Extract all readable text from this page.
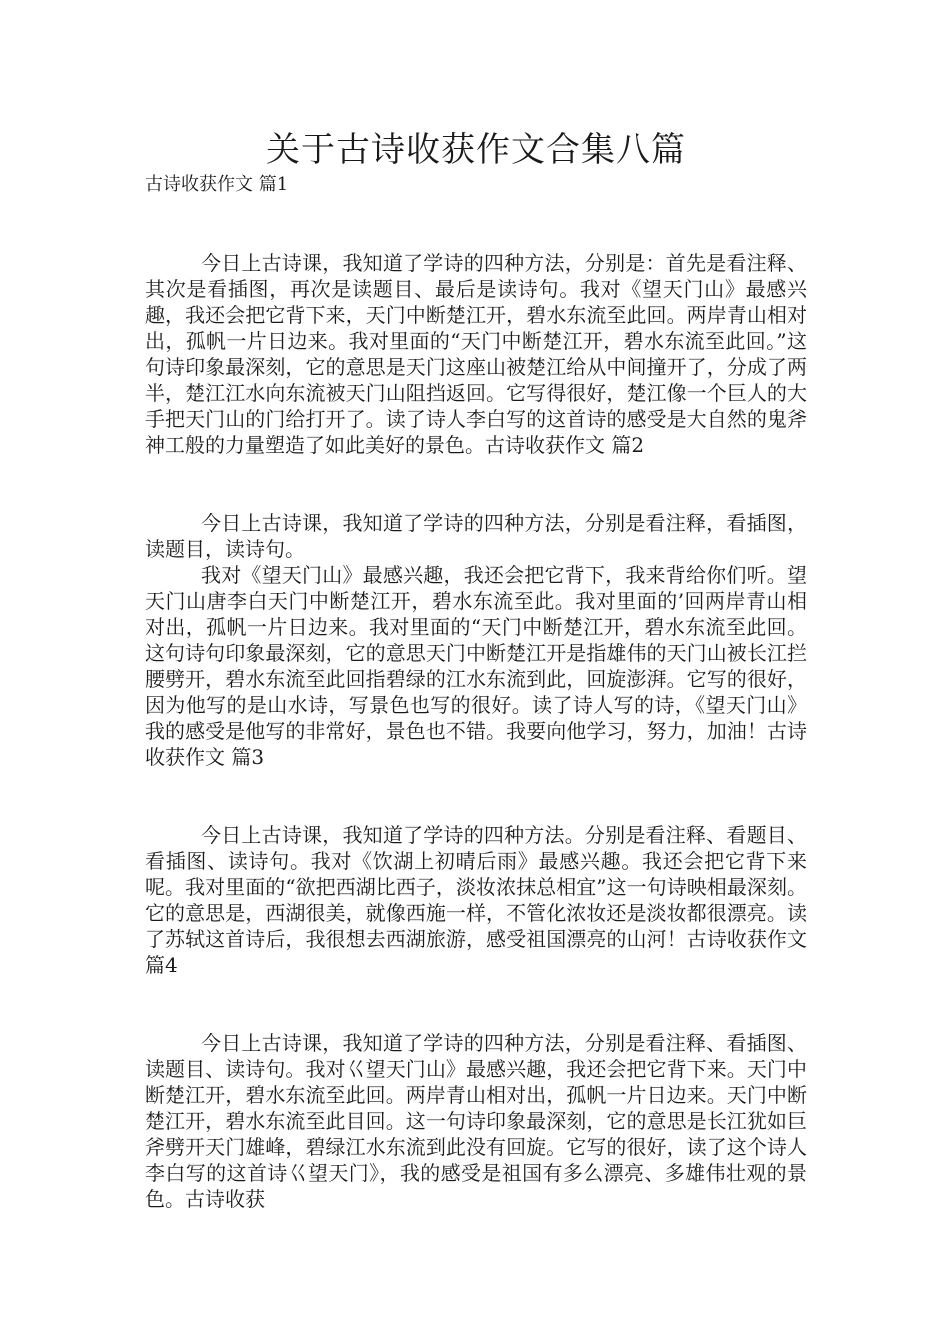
关于古诗收获作文合集八篇

古诗收获作文 篇1

今日上古诗课，我知道了学诗的四种方法，分别是：首先是看注释、其次是看插图，再次是读题目、最后是读诗句。我对《望天门山》最感兴趣，我还会把它背下来，天门中断楚江开，碧水东流至此回。两岸青山相对出，孤帆一片日边来。我对里面的“天门中断楚江开，碧水东流至此回。”这句诗印象最深刻，它的意思是天门这座山被楚江给从中间撞开了，分成了两半，楚江江水向东流被天门山阻挡返回。它写得很好，楚江像一个巨人的大手把天门山的门给打开了。读了诗人李白写的这首诗的感受是大自然的鬼斧神工般的力量塑造了如此美好的景色。古诗收获作文 篇2

今日上古诗课，我知道了学诗的四种方法，分别是看注释，看插图，读题目，读诗句。

我对《望天门山》最感兴趣，我还会把它背下，我来背给你们听。望天门山唐李白天门中断楚江开，碧水东流至此。我对里面的’回两岸青山相对出，孤帆一片日边来。我对里面的“天门中断楚江开，碧水东流至此回。这句诗句印象最深刻，它的意思天门中断楚江开是指雄伟的天门山被长江拦腰劈开，碧水东流至此回指碧绿的江水东流到此，回旋澎湃。它写的很好，因为他写的是山水诗，写景色也写的很好。读了诗人写的诗，《望天门山》我的感受是他写的非常好，景色也不错。我要向他学习，努力，加油！古诗收获作文 篇3

今日上古诗课，我知道了学诗的四种方法。分别是看注释、看题目、看插图、读诗句。我对《饮湖上初晴后雨》最感兴趣。我还会把它背下来呢。我对里面的“欲把西湖比西子，淡妆浓抹总相宜”这一句诗映相最深刻。它的意思是，西湖很美，就像西施一样，不管化浓妆还是淡妆都很漂亮。读了苏轼这首诗后，我很想去西湖旅游，感受祖国漂亮的山河！古诗收获作文 篇4

今日上古诗课，我知道了学诗的四种方法，分别是看注释、看插图、读题目、读诗句。我对巜望天门山》最感兴趣，我还会把它背下来。天门中断楚江开，碧水东流至此回。两岸青山相对出，孤帆一片日边来。天门中断楚江开，碧水东流至此目回。这一句诗印象最深刻，它的意思是长江犹如巨斧劈开天门雄峰，碧绿江水东流到此没有回旋。它写的很好，读了这个诗人李白写的这首诗巜望天门》，我的感受是祖国有多么漂亮、多雄伟壮观的景色。古诗收获
